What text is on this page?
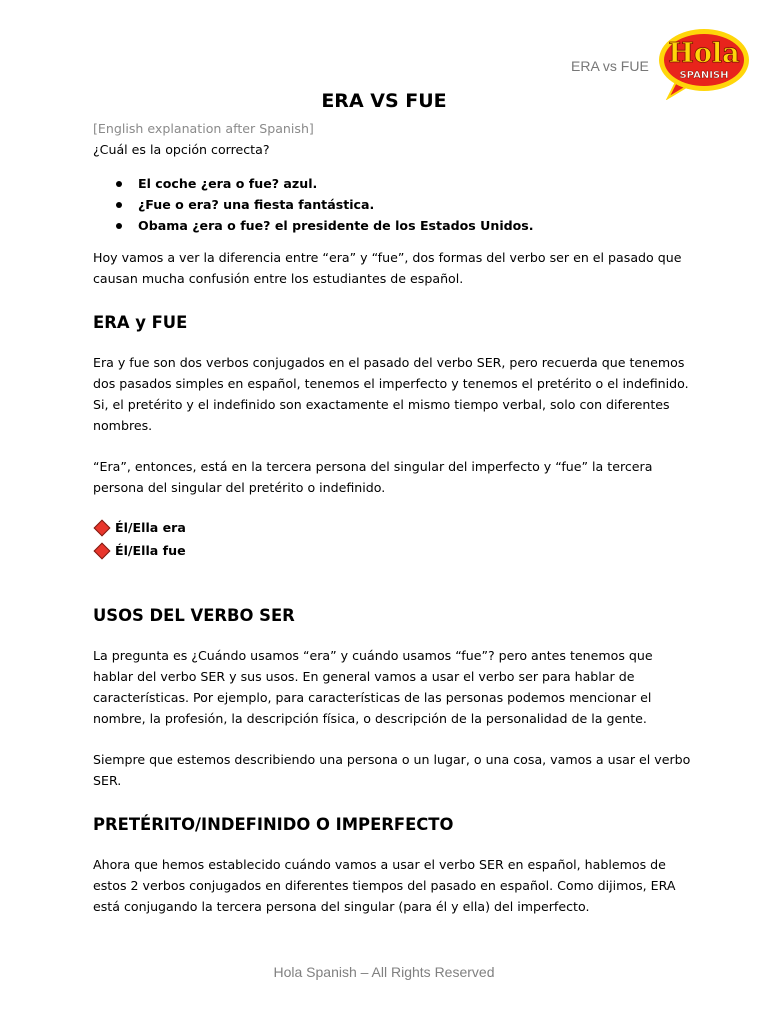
ERA vs FUE Hola
SPANISH
ERA VS FUE

[English explanation after Spanish]

¿Cuál es la opción correcta?

El coche ¿era o fue? azul.
¿Fue o era? una fiesta fantástica.
Obama ¿era o fue? el presidente de los Estados Unidos.

Hoy vamos a ver la diferencia entre “era” y “fue”, dos formas del verbo ser en el pasado que causan mucha confusión entre los estudiantes de español.

ERA y FUE

Era y fue son dos verbos conjugados en el pasado del verbo SER, pero recuerda que tenemos dos pasados simples en español, tenemos el imperfecto y tenemos el pretérito o el indefinido. Si, el pretérito y el indefinido son exactamente el mismo tiempo verbal, solo con diferentes nombres.

“Era”, entonces, está en la tercera persona del singular del imperfecto y “fue” la tercera persona del singular del pretérito o indefinido.

Él/Ella era
Él/Ella fue
USOS DEL VERBO SER

La pregunta es ¿Cuándo usamos “era” y cuándo usamos “fue”? pero antes tenemos que hablar del verbo SER y sus usos. En general vamos a usar el verbo ser para hablar de características. Por ejemplo, para características de las personas podemos mencionar el nombre, la profesión, la descripción física, o descripción de la personalidad de la gente.

Siempre que estemos describiendo una persona o un lugar, o una cosa, vamos a usar el verbo SER.

PRETÉRITO/INDEFINIDO O IMPERFECTO

Ahora que hemos establecido cuándo vamos a usar el verbo SER en español, hablemos de estos 2 verbos conjugados en diferentes tiempos del pasado en español. Como dijimos, ERA está conjugando la tercera persona del singular (para él y ella) del imperfecto.

Hola Spanish – All Rights Reserved
